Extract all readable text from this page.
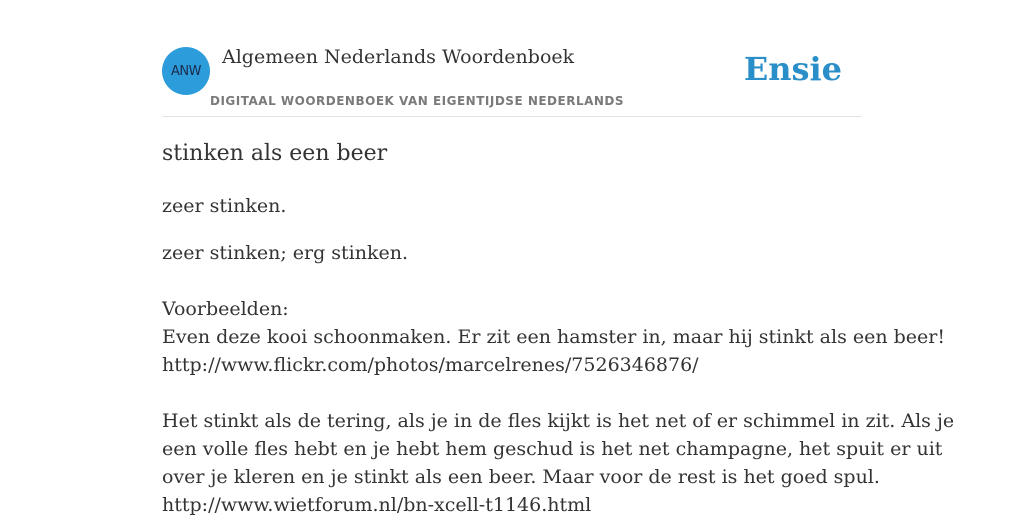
ANW
Algemeen Nederlands Woordenboek
DIGITAAL WOORDENBOEK VAN EIGENTIJDSE NEDERLANDS
Ensie
stinken als een beer
zeer stinken.
zeer stinken; erg stinken.
Voorbeelden:
Even deze kooi schoonmaken. Er zit een hamster in, maar hij stinkt als een beer!
http://www.flickr.com/photos/marcelrenes/7526346876/
Het stinkt als de tering, als je in de fles kijkt is het net of er schimmel in zit. Als je
een volle fles hebt en je hebt hem geschud is het net champagne, het spuit er uit
over je kleren en je stinkt als een beer. Maar voor de rest is het goed spul.
http://www.wietforum.nl/bn-xcell-t1146.html
